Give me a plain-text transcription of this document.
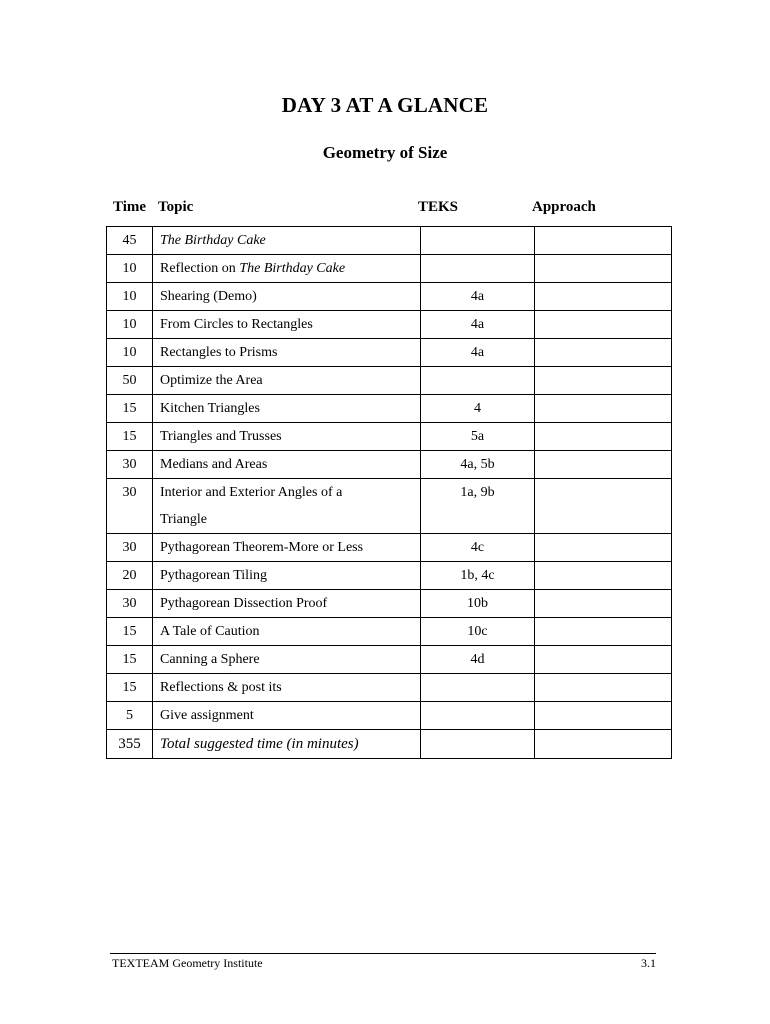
DAY 3 AT A GLANCE
Geometry of Size
Time Topic	TEKS	Approach
45	The Birthday Cake		
10	Reflection on The Birthday Cake		
10	Shearing (Demo)	4a	
10	From Circles to Rectangles	4a	
10	Rectangles to Prisms	4a	
50	Optimize the Area		
15	Kitchen Triangles	4	
15	Triangles and Trusses	5a	
30	Medians and Areas	4a, 5b	
30	Interior and Exterior Angles of a
Triangle	1a, 9b	
30	Pythagorean Theorem-More or Less	4c	
20	Pythagorean Tiling	1b, 4c	
30	Pythagorean Dissection Proof	10b	
15	A Tale of Caution	10c	
15	Canning a Sphere	4d	
15	Reflections & post its		
5	Give assignment		
355	Total suggested time (in minutes)		
TEXTEAM Geometry Institute	3.1
